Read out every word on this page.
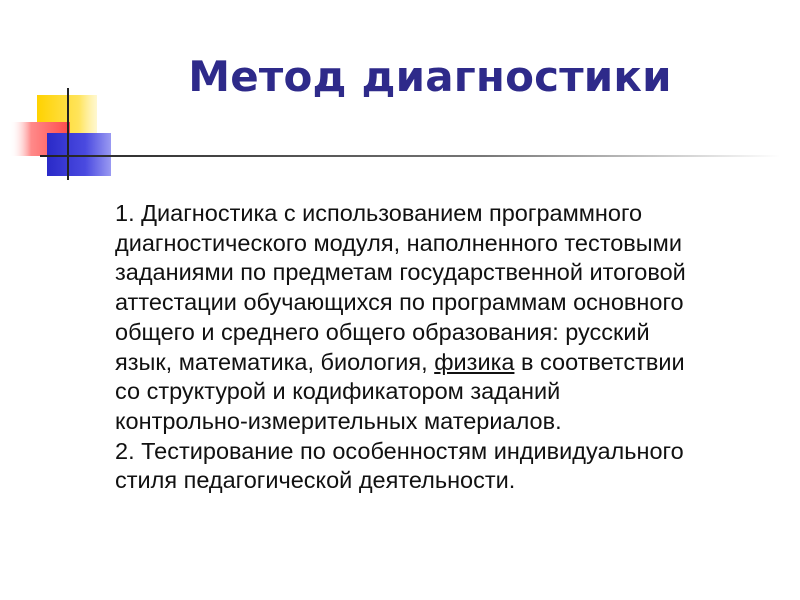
Метод диагностики

1. Диагностика с использованием программного
диагностического модуля, наполненного тестовыми
заданиями по предметам государственной итоговой
аттестации обучающихся по программам основного
общего и среднего общего образования: русский
язык, математика, биология, физика в соответствии
со структурой и кодификатором заданий
контрольно-измерительных материалов.

2. Тестирование по особенностям индивидуального
стиля педагогической деятельности.
